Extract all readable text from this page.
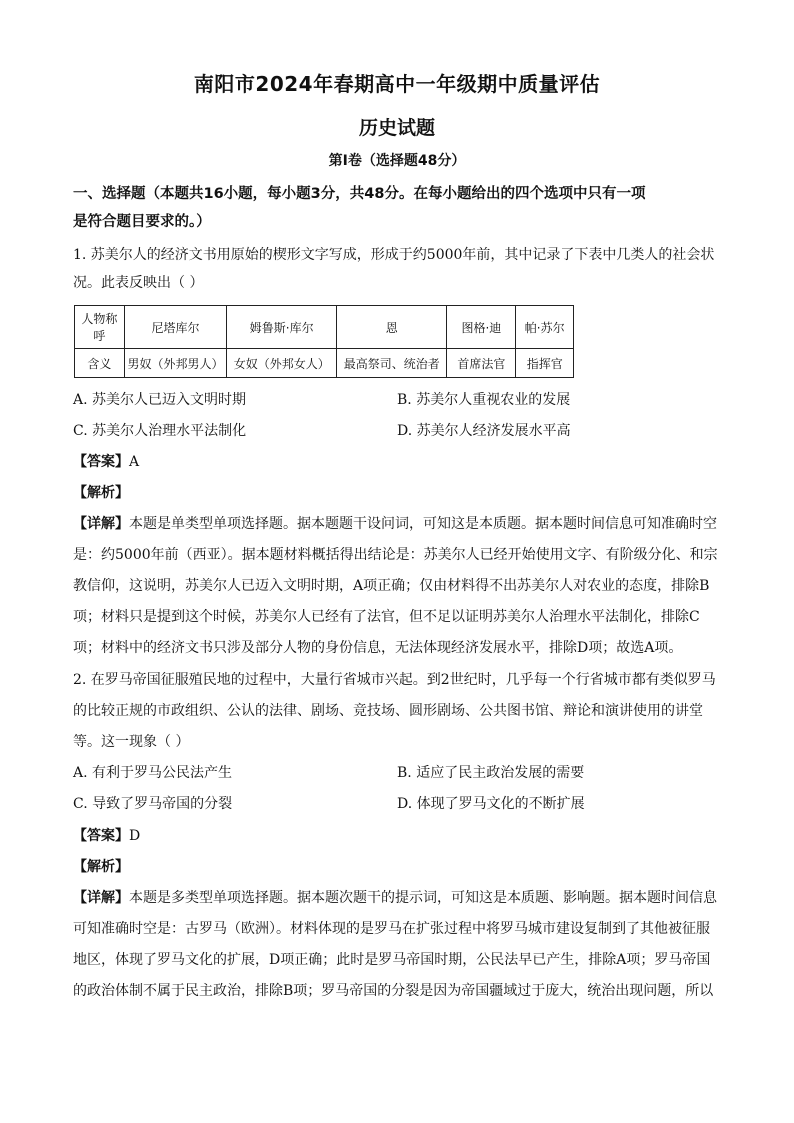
南阳市2024年春期高中一年级期中质量评估
历史试题
第Ⅰ卷（选择题48分）
一、选择题（本题共16小题，每小题3分，共48分。在每小题给出的四个选项中只有一项
是符合题目要求的。）
1. 苏美尔人的经济文书用原始的楔形文字写成，形成于约5000年前，其中记录了下表中几类人的社会状
况。此表反映出（ ）
人物称呼	尼塔库尔	姆鲁斯·库尔	恩	图格·迪	帕·苏尔
含义	男奴（外邦男人）	女奴（外邦女人）	最高祭司、统治者	首席法官	指挥官
A. 苏美尔人已迈入文明时期	B. 苏美尔人重视农业的发展
C. 苏美尔人治理水平法制化	D. 苏美尔人经济发展水平高
【答案】A
【解析】
【详解】本题是单类型单项选择题。据本题题干设问词，可知这是本质题。据本题时间信息可知准确时空
是：约5000年前（西亚）。据本题材料概括得出结论是：苏美尔人已经开始使用文字、有阶级分化、和宗
教信仰，这说明，苏美尔人已迈入文明时期，A项正确；仅由材料得不出苏美尔人对农业的态度，排除B
项；材料只是提到这个时候，苏美尔人已经有了法官，但不足以证明苏美尔人治理水平法制化，排除C
项；材料中的经济文书只涉及部分人物的身份信息，无法体现经济发展水平，排除D项；故选A项。
2. 在罗马帝国征服殖民地的过程中，大量行省城市兴起。到2世纪时，几乎每一个行省城市都有类似罗马
的比较正规的市政组织、公认的法律、剧场、竞技场、圆形剧场、公共图书馆、辩论和演讲使用的讲堂
等。这一现象（ ）
A. 有利于罗马公民法产生	B. 适应了民主政治发展的需要
C. 导致了罗马帝国的分裂	D. 体现了罗马文化的不断扩展
【答案】D
【解析】
【详解】本题是多类型单项选择题。据本题次题干的提示词，可知这是本质题、影响题。据本题时间信息
可知准确时空是：古罗马（欧洲）。材料体现的是罗马在扩张过程中将罗马城市建设复制到了其他被征服
地区，体现了罗马文化的扩展，D项正确；此时是罗马帝国时期，公民法早已产生，排除A项；罗马帝国
的政治体制不属于民主政治，排除B项；罗马帝国的分裂是因为帝国疆域过于庞大，统治出现问题，所以
